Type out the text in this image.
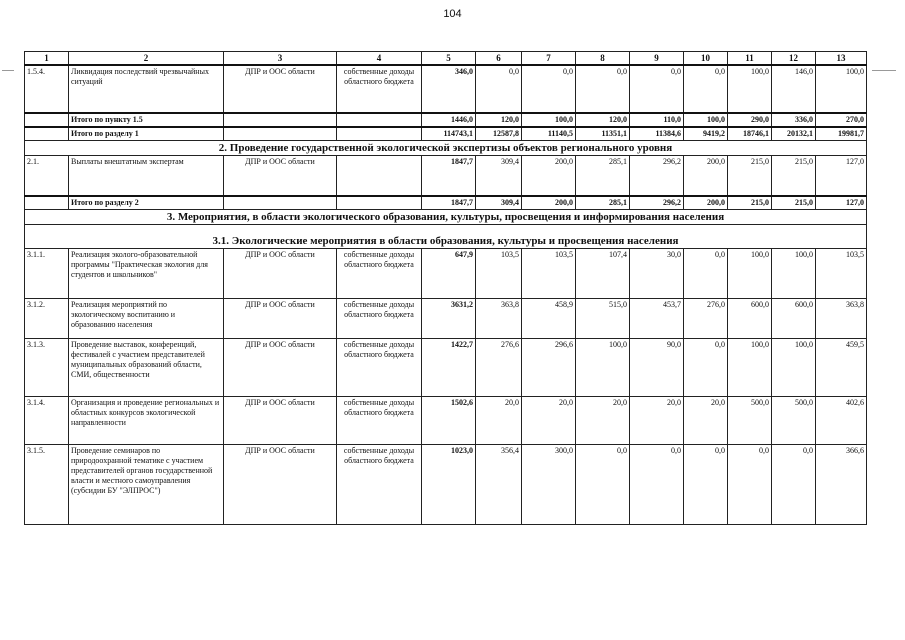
104
1	2	3	4	5	6	7	8	9	10	11	12	13
1.5.4.	Ликвидация последствий чрезвычайных ситуаций	ДПР и ООС области	собственные доходы областного бюджета	346,0	0,0	0,0	0,0	0,0	0,0	100,0	146,0	100,0
	Итого по пункту 1.5			1446,0	120,0	100,0	120,0	110,0	100,0	290,0	336,0	270,0
	Итого по разделу 1			114743,1	12587,8	11140,5	11351,1	11384,6	9419,2	18746,1	20132,1	19981,7
2. Проведение государственной экологической экспертизы объектов регионального уровня												
2.1.	Выплаты внештатным экспертам	ДПР и ООС области		1847,7	309,4	200,0	285,1	296,2	200,0	215,0	215,0	127,0
	Итого по разделу 2			1847,7	309,4	200,0	285,1	296,2	200,0	215,0	215,0	127,0
3. Мероприятия, в области экологического образования, культуры, просвещения и информирования населения												
3.1. Экологические мероприятия в области образования, культуры и просвещения населения												
3.1.1.	Реализация эколого-образовательной программы "Практическая экология для студентов и школьников"	ДПР и ООС области	собственные доходы областного бюджета	647,9	103,5	103,5	107,4	30,0	0,0	100,0	100,0	103,5
3.1.2.	Реализация мероприятий по экологическому воспитанию и образованию населения	ДПР и ООС области	собственные доходы областного бюджета	3631,2	363,8	458,9	515,0	453,7	276,0	600,0	600,0	363,8
3.1.3.	Проведение выставок, конференций, фестивалей с участием представителей муниципальных образований области, СМИ, общественности	ДПР и ООС области	собственные доходы областного бюджета	1422,7	276,6	296,6	100,0	90,0	0,0	100,0	100,0	459,5
3.1.4.	Организация и проведение региональных и областных конкурсов экологической направленности	ДПР и ООС области	собственные доходы областного бюджета	1502,6	20,0	20,0	20,0	20,0	20,0	500,0	500,0	402,6
3.1.5.	Проведение семинаров по природоохранной тематике с участием представителей органов государственной власти и местного самоуправления (субсидии БУ "ЭЛПРОС")	ДПР и ООС области	собственные доходы областного бюджета	1023,0	356,4	300,0	0,0	0,0	0,0	0,0	0,0	366,6
